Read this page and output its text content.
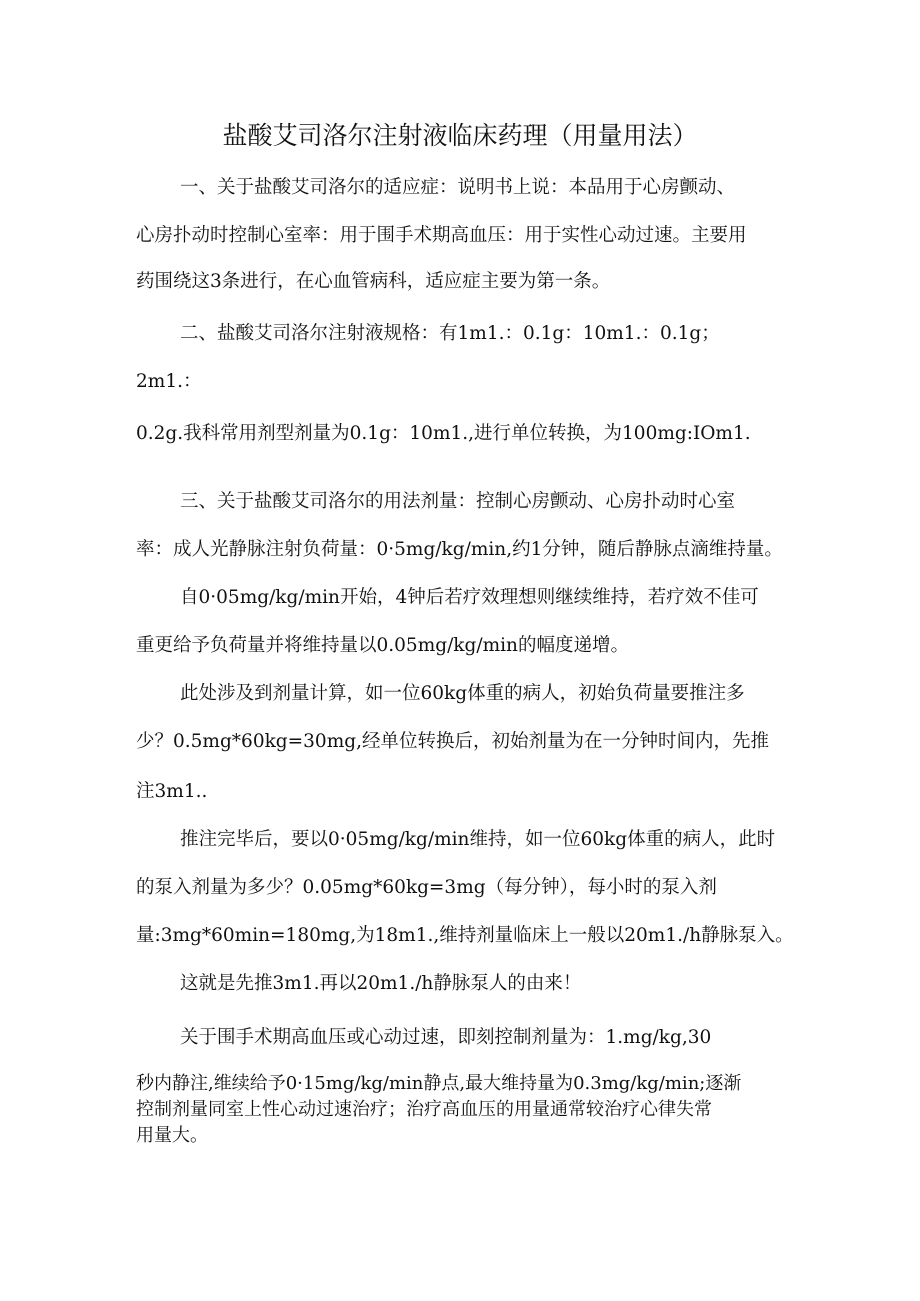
盐酸艾司洛尔注射液临床药理（用量用法）
一、关于盐酸艾司洛尔的适应症：说明书上说：本品用于心房颤动、
心房扑动时控制心室率：用于围手术期高血压：用于实性心动过速。主要用
药围绕这3条进行，在心血管病科，适应症主要为第一条。
二、盐酸艾司洛尔注射液规格：有1m1.：0.1g：10m1.：0.1g；
2m1.：
0.2g.我科常用剂型剂量为0.1g：10m1.,进行单位转换，为100mg:IOm1.
三、关于盐酸艾司洛尔的用法剂量：控制心房颤动、心房扑动时心室
率：成人光静脉注射负荷量：0·5mg/kg/min,约1分钟，随后静脉点滴维持量。
自0·05mg/kg/min开始，4钟后若疗效理想则继续维持，若疗效不佳可
重更给予负荷量并将维持量以0.05mg/kg/min的幅度递增。
此处涉及到剂量计算，如一位60kg体重的病人，初始负荷量要推注多
少？0.5mg*60kg=30mg,经单位转换后，初始剂量为在一分钟时间内，先推
注3m1..
推注完毕后，要以0·05mg/kg/min维持，如一位60kg体重的病人，此时
的泵入剂量为多少？0.05mg*60kg=3mg（每分钟），每小时的泵入剂
量:3mg*60min=180mg,为18m1.,维持剂量临床上一般以20m1./h静脉泵入。
这就是先推3m1.再以20m1./h静脉泵人的由来！
关于围手术期高血压或心动过速，即刻控制剂量为：1.mg/kg,30
秒内静注,维续给予0·15mg/kg/min静点,最大维持量为0.3mg/kg/min;逐渐
控制剂量同室上性心动过速治疗；治疗高血压的用量通常较治疗心律失常
用量大。
